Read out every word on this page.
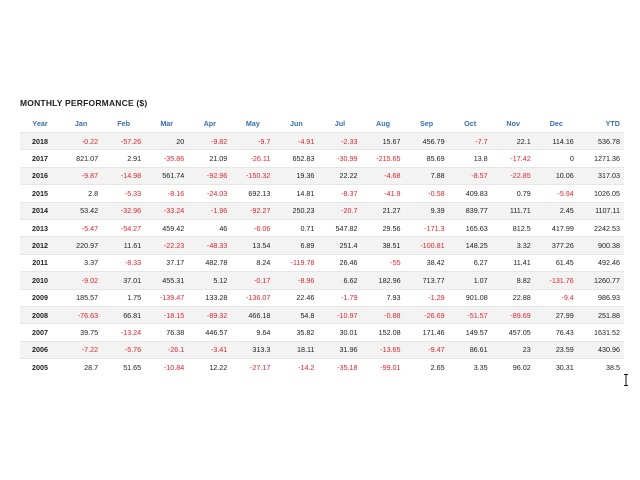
MONTHLY PERFORMANCE ($)
Year	Jan	Feb	Mar	Apr	May	Jun	Jul	Aug	Sep	Oct	Nov	Dec	YTD
2018	-0.22	-57.26	20	-9.82	-9.7	-4.91	-2.33	15.67	456.79	-7.7	22.1	114.16	536.78
2017	821.07	2.91	-35.86	21.09	-26.11	652.83	-30.99	-215.65	85.69	13.8	-17.42	0	1271.36
2016	-9.87	-14.98	561.74	-92.96	-150.32	19.36	22.22	-4.68	7.88	-8.57	-22.85	10.06	317.03
2015	2.8	-5.33	-8.16	-24.03	692.13	14.81	-8.37	-41.9	-0.58	409.83	0.79	-5.94	1026.05
2014	53.42	-32.96	-33.24	-1.96	-92.27	250.23	-20.7	21.27	9.39	839.77	111.71	2.45	1107.11
2013	-5.47	-54.27	459.42	46	-6.06	0.71	547.82	29.56	-171.3	165.63	812.5	417.99	2242.53
2012	220.97	11.61	-22.23	-48.33	13.54	6.89	251.4	38.51	-100.81	148.25	3.32	377.26	900.38
2011	3.37	-8.33	37.17	482.78	8.24	-119.78	26.46	-55	38.42	6.27	11.41	61.45	492.46
2010	-9.02	37.01	455.31	5.12	-0.17	-8.96	6.62	182.96	713.77	1.07	8.82	-131.76	1260.77
2009	185.57	1.75	-139.47	133.28	-136.07	22.46	-1.79	7.93	-1.29	901.08	22.88	-9.4	986.93
2008	-76.63	66.81	-18.15	-89.32	466.18	54.8	-10.97	-0.88	-26.69	-51.57	-89.69	27.99	251.88
2007	39.75	-13.24	76.38	446.57	9.64	35.82	30.01	152.08	171.46	149.57	457.05	76.43	1631.52
2006	-7.22	-5.76	-26.1	-3.41	313.3	18.11	31.96	-13.65	-9.47	86.61	23	23.59	430.96
2005	28.7	51.65	-10.84	12.22	-27.17	-14.2	-35.18	-99.01	2.65	3.35	96.02	30.31	38.5
